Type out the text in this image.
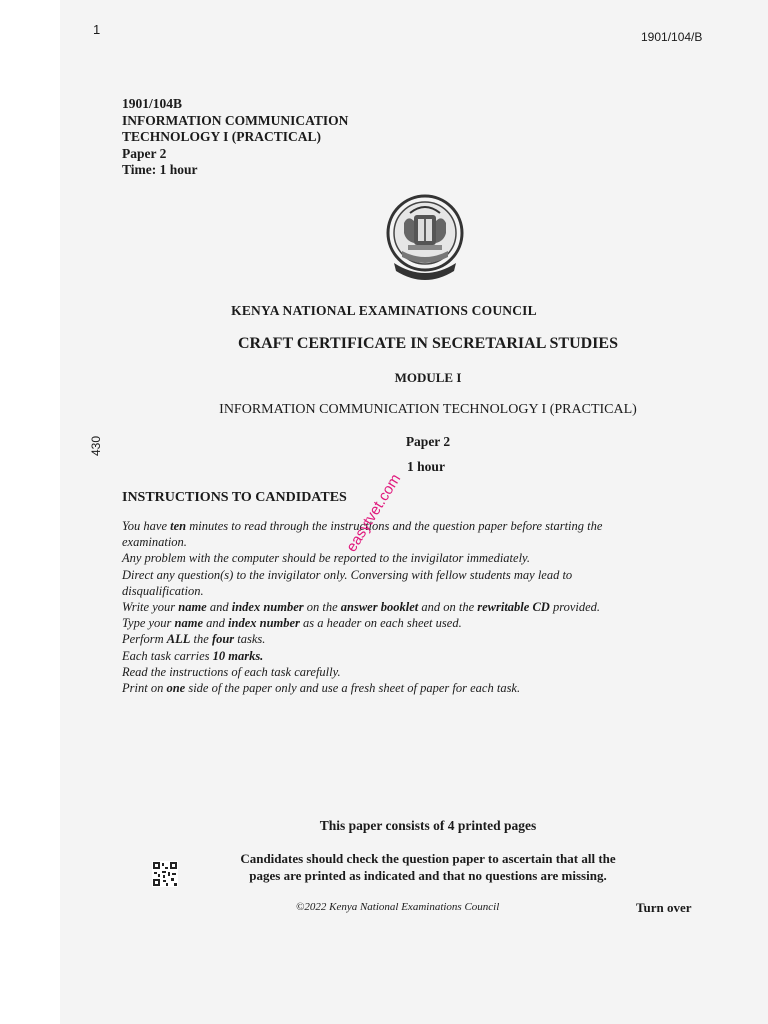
1	1901/104/B
1901/104B
INFORMATION COMMUNICATION
TECHNOLOGY I (PRACTICAL)
Paper 2
Time: 1 hour
KENYA NATIONAL EXAMINATIONS COUNCIL
CRAFT CERTIFICATE IN SECRETARIAL STUDIES
MODULE I
INFORMATION COMMUNICATION TECHNOLOGY I (PRACTICAL)
Paper 2
1 hour
430
INSTRUCTIONS TO CANDIDATES
You have ten minutes to read through the instructions and the question paper before starting the
examination.
Any problem with the computer should be reported to the invigilator immediately.
Direct any question(s) to the invigilator only. Conversing with fellow students may lead to
disqualification.
Write your name and index number on the answer booklet and on the rewritable CD provided.
Type your name and index number as a header on each sheet used.
Perform ALL the four tasks.
Each task carries 10 marks.
Read the instructions of each task carefully.
Print on one side of the paper only and use a fresh sheet of paper for each task.
easytvet.com
This paper consists of 4 printed pages
Candidates should check the question paper to ascertain that all the
pages are printed as indicated and that no questions are missing.
©2022 Kenya National Examinations Council	Turn over
